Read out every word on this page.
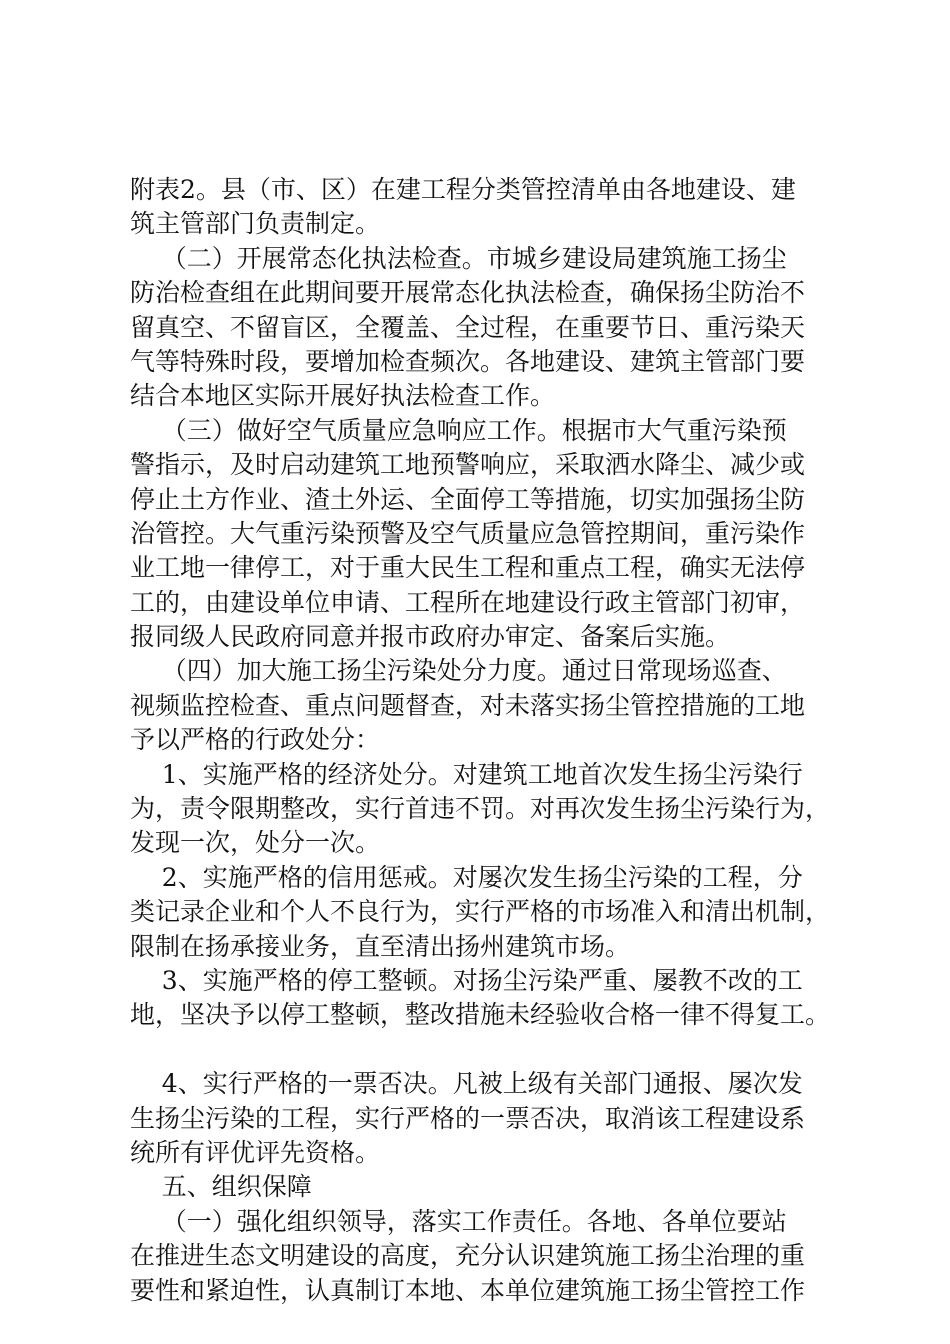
附表2。县（市、区）在建工程分类管控清单由各地建设、建
筑主管部门负责制定。
（二）开展常态化执法检查。市城乡建设局建筑施工扬尘
防治检查组在此期间要开展常态化执法检查，确保扬尘防治不
留真空、不留盲区，全覆盖、全过程，在重要节日、重污染天
气等特殊时段，要增加检查频次。各地建设、建筑主管部门要
结合本地区实际开展好执法检查工作。
（三）做好空气质量应急响应工作。根据市大气重污染预
警指示，及时启动建筑工地预警响应，采取洒水降尘、减少或
停止土方作业、渣土外运、全面停工等措施，切实加强扬尘防
治管控。大气重污染预警及空气质量应急管控期间，重污染作
业工地一律停工，对于重大民生工程和重点工程，确实无法停
工的，由建设单位申请、工程所在地建设行政主管部门初审，
报同级人民政府同意并报市政府办审定、备案后实施。
（四）加大施工扬尘污染处分力度。通过日常现场巡查、
视频监控检查、重点问题督查，对未落实扬尘管控措施的工地
予以严格的行政处分：
1、实施严格的经济处分。对建筑工地首次发生扬尘污染行
为，责令限期整改，实行首违不罚。对再次发生扬尘污染行为，
发现一次，处分一次。
2、实施严格的信用惩戒。对屡次发生扬尘污染的工程，分
类记录企业和个人不良行为，实行严格的市场准入和清出机制，
限制在扬承接业务，直至清出扬州建筑市场。
3、实施严格的停工整顿。对扬尘污染严重、屡教不改的工
地，坚决予以停工整顿，整改措施未经验收合格一律不得复工。
4、实行严格的一票否决。凡被上级有关部门通报、屡次发
生扬尘污染的工程，实行严格的一票否决，取消该工程建设系
统所有评优评先资格。
五、组织保障
（一）强化组织领导，落实工作责任。各地、各单位要站
在推进生态文明建设的高度，充分认识建筑施工扬尘治理的重
要性和紧迫性，认真制订本地、本单位建筑施工扬尘管控工作
